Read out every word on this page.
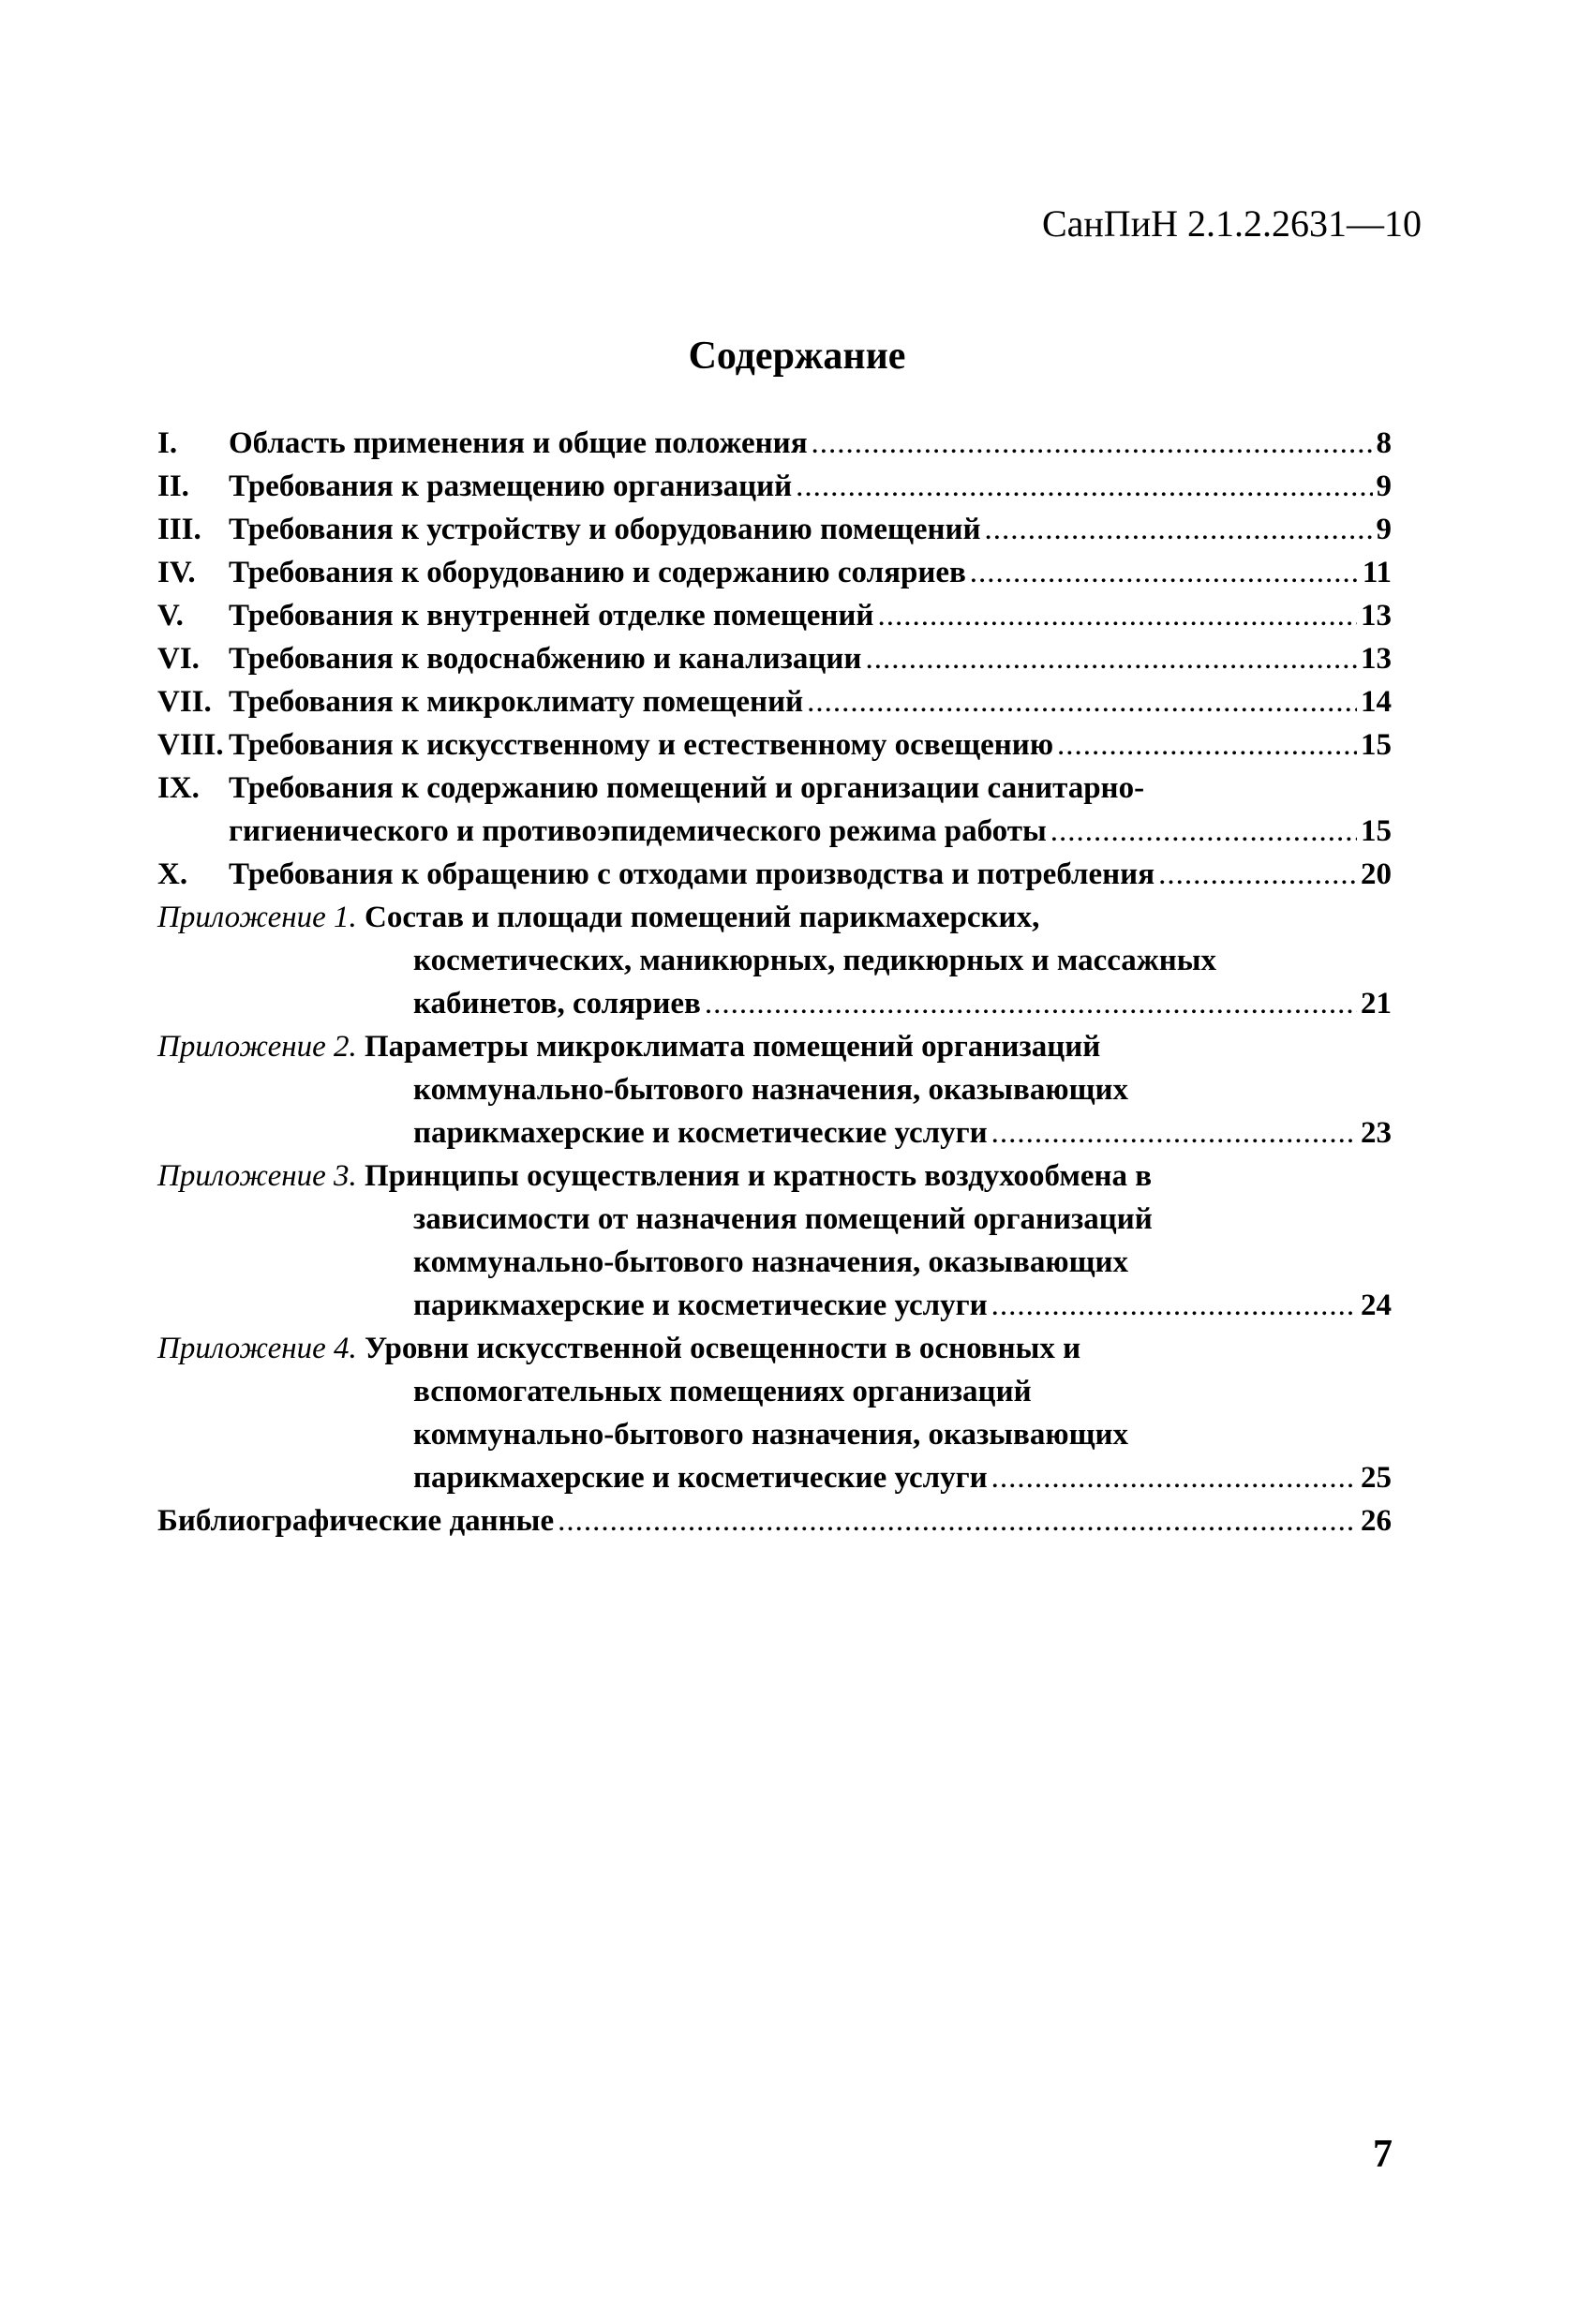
СанПиН 2.1.2.2631—10
Содержание
I.	Область применения и общие положения .....	8
II.	Требования к размещению организаций .....	9
III. Требования к устройству и оборудованию помещений .....	9
IV.	Требования к оборудованию и содержанию соляриев .....	11
V.	Требования к внутренней отделке помещений .....	13
VI. Требования к водоснабжению и канализации .....	13
VII. Требования к микроклимату помещений .....	14
VIII. Требования к искусственному и естественному освещению .....	15
IX. Требования к содержанию помещений и организации санитарно-
гигиенического и противоэпидемического режима работы .....	15
X.	Требования к обращению с отходами производства и потребления .....	20
Приложение 1.
Состав и площади помещений парикмахерских,
косметических, маникюрных, педикюрных и массажных
кабинетов, соляриев .....	21
Приложение 2.
Параметры микроклимата помещений организаций
коммунально-бытового назначения, оказывающих
парикмахерские и косметические услуги .....	23
Приложение 3.
Принципы осуществления и кратность воздухообмена в
зависимости от назначения помещений организаций
коммунально-бытового назначения, оказывающих
парикмахерские и косметические услуги .....	24
Приложение 4.
Уровни искусственной освещенности в основных и
вспомогательных помещениях организаций
коммунально-бытового назначения, оказывающих
парикмахерские и косметические услуги .....	25
Библиографические данные .....	26
7
